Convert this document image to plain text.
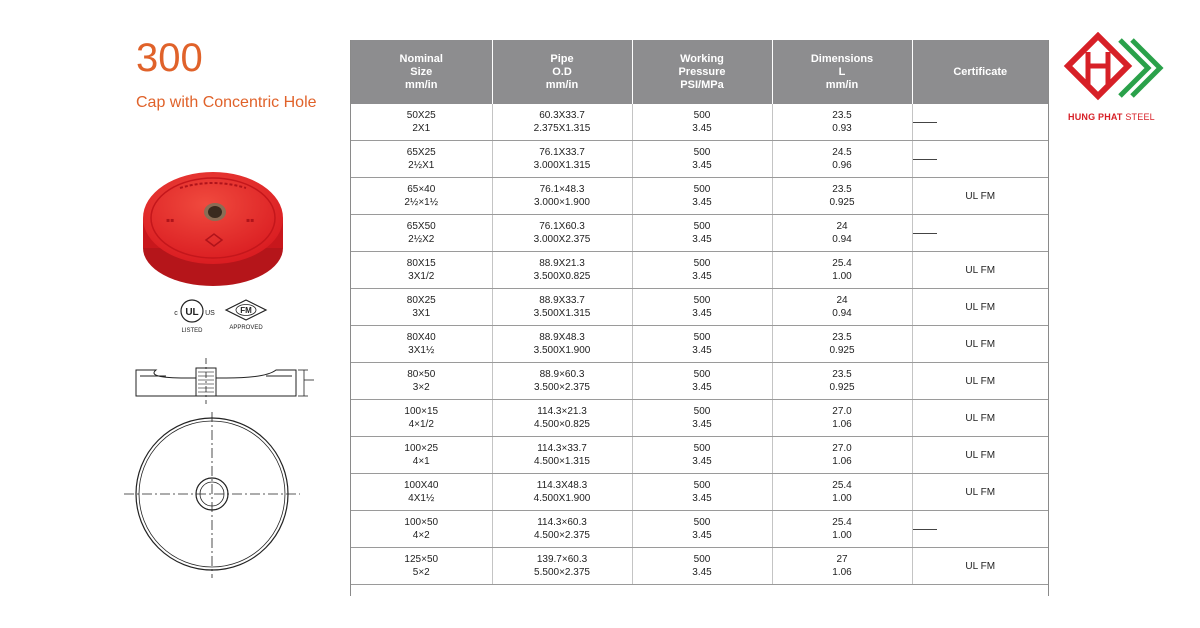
300
Cap with Concentric Hole
▪▪	▪▪
UL
c	US
LISTED
FM
APPROVED
Nominal
Size
mm/in	Pipe
O.D
mm/in	Working
Pressure
PSI/MPa	Dimensions
L
mm/in	Certificate

50X25
2X1	60.3X33.7
2.375X1.315	500
3.45	23.5
0.93	

65X25
2½X1	76.1X33.7
3.000X1.315	500
3.45	24.5
0.96	

65×40
2½×1½	76.1×48.3
3.000×1.900	500
3.45	23.5
0.925	UL FM

65X50
2½X2	76.1X60.3
3.000X2.375	500
3.45	24
0.94	

80X15
3X1/2	88.9X21.3
3.500X0.825	500
3.45	25.4
1.00	UL FM

80X25
3X1	88.9X33.7
3.500X1.315	500
3.45	24
0.94	UL FM

80X40
3X1½	88.9X48.3
3.500X1.900	500
3.45	23.5
0.925	UL FM

80×50
3×2	88.9×60.3
3.500×2.375	500
3.45	23.5
0.925	UL FM

100×15
4×1/2	114.3×21.3
4.500×0.825	500
3.45	27.0
1.06	UL FM

100×25
4×1	114.3×33.7
4.500×1.315	500
3.45	27.0
1.06	UL FM

100X40
4X1½	114.3X48.3
4.500X1.900	500
3.45	25.4
1.00	UL FM

100×50
4×2	114.3×60.3
4.500×2.375	500
3.45	25.4
1.00	

125×50
5×2	139.7×60.3
5.500×2.375	500
3.45	27
1.06	UL FM
HUNG PHAT STEEL
